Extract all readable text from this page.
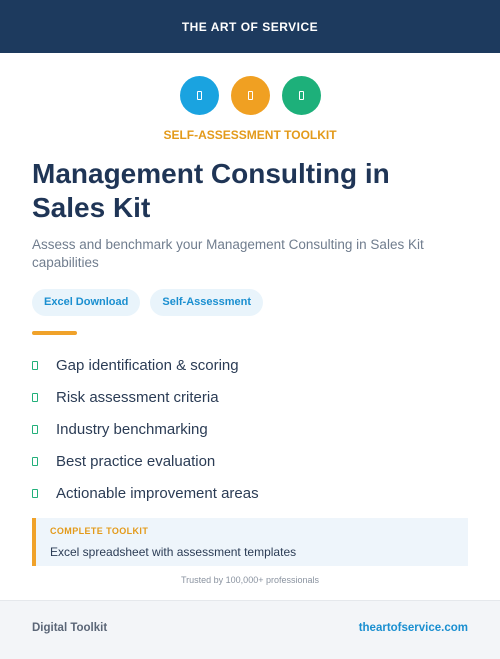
THE ART OF SERVICE
SELF-ASSESSMENT TOOLKIT
Management Consulting in Sales Kit

Assess and benchmark your Management Consulting in Sales Kit capabilities

Excel Download	Self-Assessment
Gap identification & scoring
Risk assessment criteria
Industry benchmarking
Best practice evaluation
Actionable improvement areas
COMPLETE TOOLKIT
Excel spreadsheet with assessment templates
Trusted by 100,000+ professionals
Digital Toolkit	theartofservice.com
